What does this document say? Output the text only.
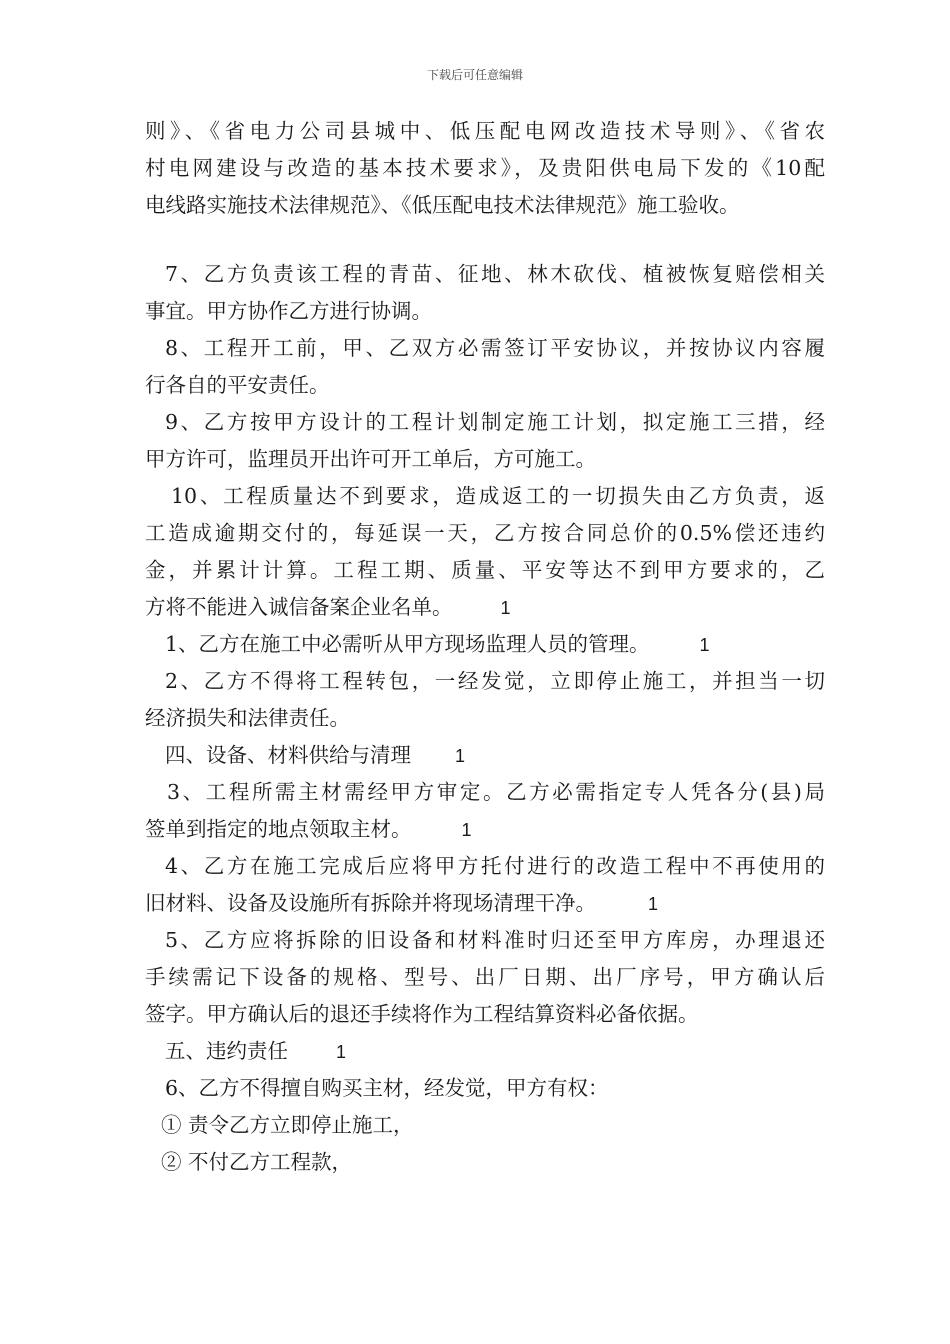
下载后可任意编辑
则》、《省电力公司县城中、低压配电网改造技术导则》、《省农
村电网建设与改造的基本技术要求》，及贵阳供电局下发的《10配
电线路实施技术法律规范》、《低压配电技术法律规范》施工验收。
7、乙方负责该工程的青苗、征地、林木砍伐、植被恢复赔偿相关
事宜。甲方协作乙方进行协调。
8、工程开工前，甲、乙双方必需签订平安协议，并按协议内容履
行各自的平安责任。
9、乙方按甲方设计的工程计划制定施工计划，拟定施工三措，经
甲方许可，监理员开出许可开工单后，方可施工。
10、工程质量达不到要求，造成返工的一切损失由乙方负责，返
工造成逾期交付的，每延误一天，乙方按合同总价的0.5%偿还违约
金，并累计计算。工程工期、质量、平安等达不到甲方要求的，乙
方将不能进入诚信备案企业名单。	1
1、乙方在施工中必需听从甲方现场监理人员的管理。	1
2、乙方不得将工程转包，一经发觉，立即停止施工，并担当一切
经济损失和法律责任。
四、设备、材料供给与清理 1
3、工程所需主材需经甲方审定。乙方必需指定专人凭各分(县)局
签单到指定的地点领取主材。	1
4、乙方在施工完成后应将甲方托付进行的改造工程中不再使用的
旧材料、设备及设施所有拆除并将现场清理干净。	1
5、乙方应将拆除的旧设备和材料准时归还至甲方库房，办理退还
手续需记下设备的规格、型号、出厂日期、出厂序号，甲方确认后
签字。甲方确认后的退还手续将作为工程结算资料必备依据。
五、违约责任	1
6、乙方不得擅自购买主材，经发觉，甲方有权：
① 责令乙方立即停止施工，
② 不付乙方工程款，
